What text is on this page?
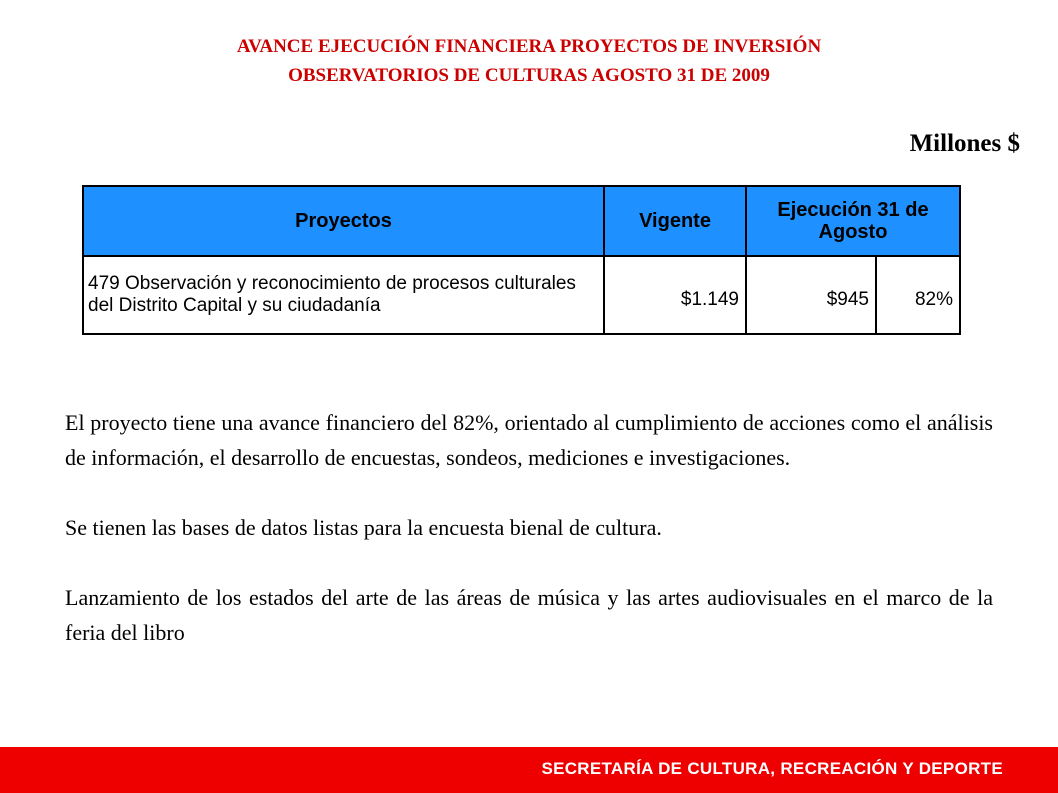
AVANCE EJECUCIÓN FINANCIERA PROYECTOS DE INVERSIÓN
OBSERVATORIOS DE CULTURAS AGOSTO 31 DE 2009
Millones $
Proyectos	Vigente	Ejecución 31 de Agosto	
479 Observación y reconocimiento de procesos culturales del Distrito Capital y su ciudadanía	$1.149	$945	82%

El proyecto tiene una avance financiero del 82%, orientado al cumplimiento de acciones como el análisis de información, el desarrollo de encuestas, sondeos, mediciones e investigaciones.

Se tienen las bases de datos listas para la encuesta bienal de cultura.

Lanzamiento de los estados del arte de las áreas de música y las artes audiovisuales en el marco de la feria del libro

SECRETARÍA DE CULTURA, RECREACIÓN Y DEPORTE
